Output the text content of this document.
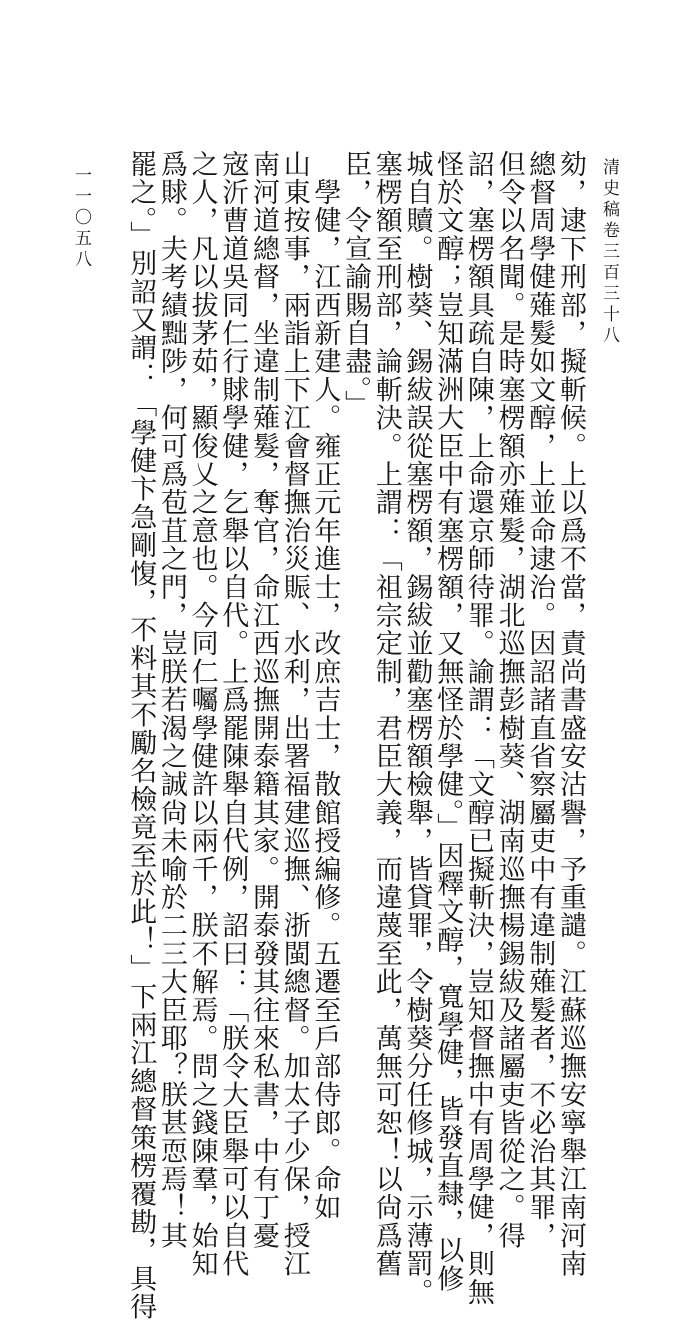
清史稿卷三百三十八
一一〇五八	劾，逮下刑部，擬斬候。上以爲不當，責尚書盛安沽譽，予重譴。江蘇巡撫安寧舉江南河南
總督周學健薙髮如文醇，上並命逮治。因詔諸直省察屬吏中有違制薙髮者，不必治其罪，
但令以名聞。是時塞楞額亦薙髮，湖北巡撫彭樹葵、湖南巡撫楊錫紱及諸屬吏皆從之。得
詔，塞楞額具疏自陳，上命還京師待罪。諭謂：「文醇已擬斬決，豈知督撫中有周學健，則無
怪於文醇；豈知滿洲大臣中有塞楞額，又無怪於學健。」因釋文醇，寬學健，皆發直隸，以修
城自贖。樹葵、錫紱誤從塞楞額，錫紱並勸塞楞額檢舉，皆貸罪，令樹葵分任修城，示薄罰。
塞楞額至刑部，論斬決。上謂：「祖宗定制，君臣大義，而違蔑至此，萬無可恕！以尙爲舊
臣，令宣諭賜自盡。」
　學健，江西新建人。雍正元年進士，改庶吉士，散館授編修。五遷至戶部侍郎。命如
山東按事，兩詣上下江會督撫治災賑、水利，出署福建巡撫、浙閩總督。加太子少保，授江
南河道總督，坐違制薙髮，奪官，命江西巡撫開泰籍其家。開泰發其往來私書，中有丁憂
宼沂曹道吳同仁行賕學健，乞舉以自代。上爲罷陳舉自代例，詔曰：「朕令大臣舉可以自代
之人，凡以拔茅茹，顯俊乂之意也。今同仁囑學健許以兩千，朕不解焉。問之錢陳羣，始知
爲賕。夫考績黜陟，何可爲苞苴之門，豈朕若渴之誠尙未喻於二三大臣耶？朕甚恧焉！其
罷之。」別詔又謂：「學健卞急剛愎，不料其不勵名檢竟至於此！」下兩江總督策楞覆勘，具得
